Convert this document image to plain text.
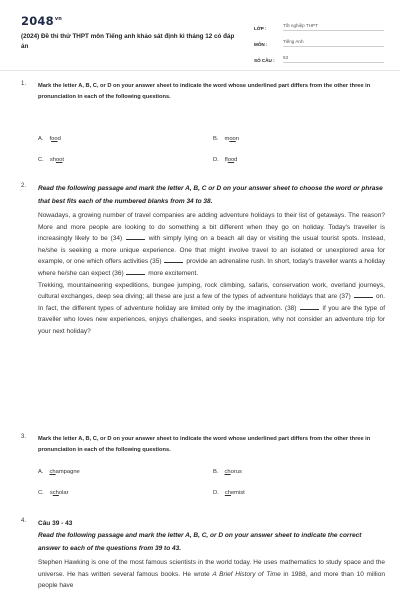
$2048^{vn}$
(2024) Đề thi thử THPT môn Tiếng anh khảo sát định kì tháng 12 có đáp án
LỚP :
Tốt nghiệp THPT
MÔN :
Tiếng Anh
SỐ CÂU :
53
1. Mark the letter A, B, C, or D on your answer sheet to indicate the word whose underlined part differs from the other three in pronunciation in each of the following questions.
A. food	B. moon
C. shoot	D. flood
2. Read the following passage and mark the letter A, B, C or D on your answer sheet to choose the word or phrase that best fits each of the numbered blanks from 34 to 38.

Nowadays, a growing number of travel companies are adding adventure holidays to their list of getaways. The reason? More and more people are looking to do something a bit different when they go on holiday. Today's traveller is increasingly likely to be (34)	with simply lying on a beach all day or visiting the usual tourist spots. Instead, he/she is seeking a more unique experience. One that might involve travel to an isolated or unexplored area for example, or one which offers activities (35)	provide an adrenaline rush. In short, today's traveller wants a holiday where he/she can expect (36)	more excitement.

Trekking, mountaineering expeditions, bungee jumping, rock climbing, safaris, conservation work, overland journeys, cultural exchanges, deep sea diving; all these are just a few of the types of adventure holidays that are (37)	on. In fact, the different types of adventure holiday are limited only by the imagination. (38)	if you are the type of traveller who loves new experiences, enjoys challenges, and seeks inspiration, why not consider an adventure trip for your next holiday?

3. Mark the letter A, B, C, or D on your answer sheet to indicate the word whose underlined part differs from the other three in pronunciation in each of the following questions.
A. champagne	B. chorus
C. scholar	D. chemist
4. Câu 39 - 43
Read the following passage and mark the letter A, B, C, or D on your answer sheet to indicate the correct answer to each of the questions from 39 to 43.

Stephen Hawking is one of the most famous scientists in the world today. He uses mathematics to study space and the universe. He has written several famous books. He wrote A Brief History of Time in 1988, and more than 10 million people have
